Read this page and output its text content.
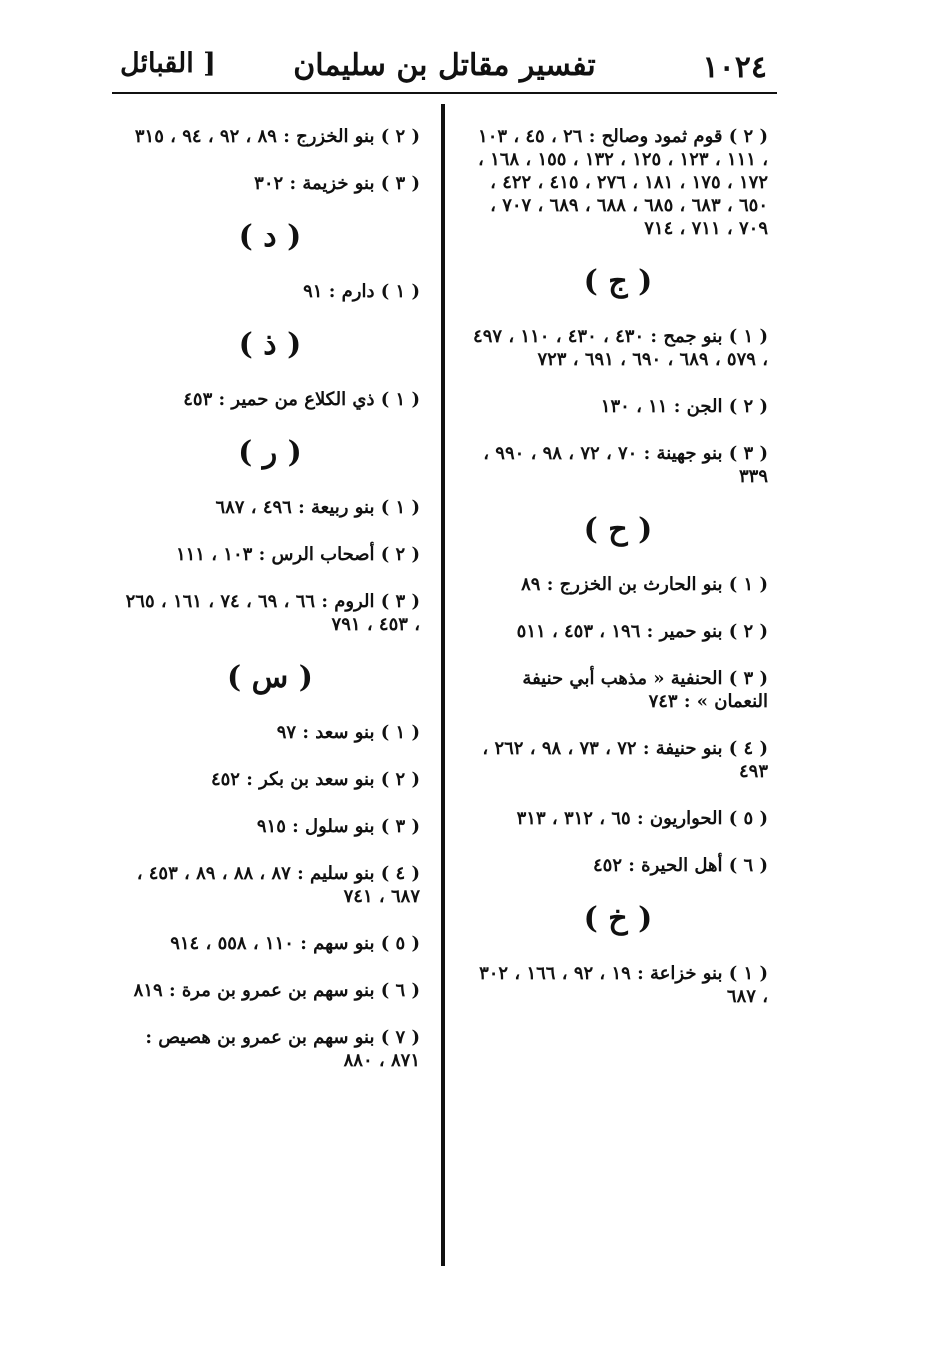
١٠٢٤
تفسير مقاتل بن سليمان
[ القبائل
( ٢ ) قوم ثمود وصالح : ٢٦ ، ٤٥ ، ١٠٣ ، ١١١ ، ١٢٣ ، ١٢٥ ، ١٣٢ ، ١٥٥ ، ١٦٨ ، ١٧٢ ، ١٧٥ ، ١٨١ ، ٢٧٦ ، ٤١٥ ، ٤٢٢ ، ٦٥٠ ، ٦٨٣ ، ٦٨٥ ، ٦٨٨ ، ٦٨٩ ، ٧٠٧ ، ٧٠٩ ، ٧١١ ، ٧١٤
( ج )
( ١ ) بنو جمح : ٤٣٠ ، ٤٣٠ ، ١١٠ ، ٤٩٧ ، ٥٧٩ ، ٦٨٩ ، ٦٩٠ ، ٦٩١ ، ٧٢٣
( ٢ ) الجن : ١١ ، ١٣٠
( ٣ ) بنو جهينة : ٧٠ ، ٧٢ ، ٩٨ ، ٩٩٠ ، ٣٣٩
( ح )
( ١ ) بنو الحارث بن الخزرج : ٨٩
( ٢ ) بنو حمير : ١٩٦ ، ٤٥٣ ، ٥١١
( ٣ ) الحنفية « مذهب أبي حنيفة النعمان » : ٧٤٣
( ٤ ) بنو حنيفة : ٧٢ ، ٧٣ ، ٩٨ ، ٢٦٢ ، ٤٩٣
( ٥ ) الحواريون : ٦٥ ، ٣١٢ ، ٣١٣
( ٦ ) أهل الحيرة : ٤٥٢
( خ )
( ١ ) بنو خزاعة : ١٩ ، ٩٢ ، ١٦٦ ، ٣٠٢ ، ٦٨٧
( ٢ ) بنو الخزرج : ٨٩ ، ٩٢ ، ٩٤ ، ٣١٥
( ٣ ) بنو خزيمة : ٣٠٢
( د )
( ١ ) دارم : ٩١
( ذ )
( ١ ) ذي الكلاع من حمير : ٤٥٣
( ر )
( ١ ) بنو ربيعة : ٤٩٦ ، ٦٨٧
( ٢ ) أصحاب الرس : ١٠٣ ، ١١١
( ٣ ) الروم : ٦٦ ، ٦٩ ، ٧٤ ، ١٦١ ، ٢٦٥ ، ٤٥٣ ، ٧٩١
( س )
( ١ ) بنو سعد : ٩٧
( ٢ ) بنو سعد بن بكر : ٤٥٢
( ٣ ) بنو سلول : ٩١٥
( ٤ ) بنو سليم : ٨٧ ، ٨٨ ، ٨٩ ، ٤٥٣ ، ٦٨٧ ، ٧٤١
( ٥ ) بنو سهم : ١١٠ ، ٥٥٨ ، ٩١٤
( ٦ ) بنو سهم بن عمرو بن مرة : ٨١٩
( ٧ ) بنو سهم بن عمرو بن هصيص : ٨٧١ ، ٨٨٠
